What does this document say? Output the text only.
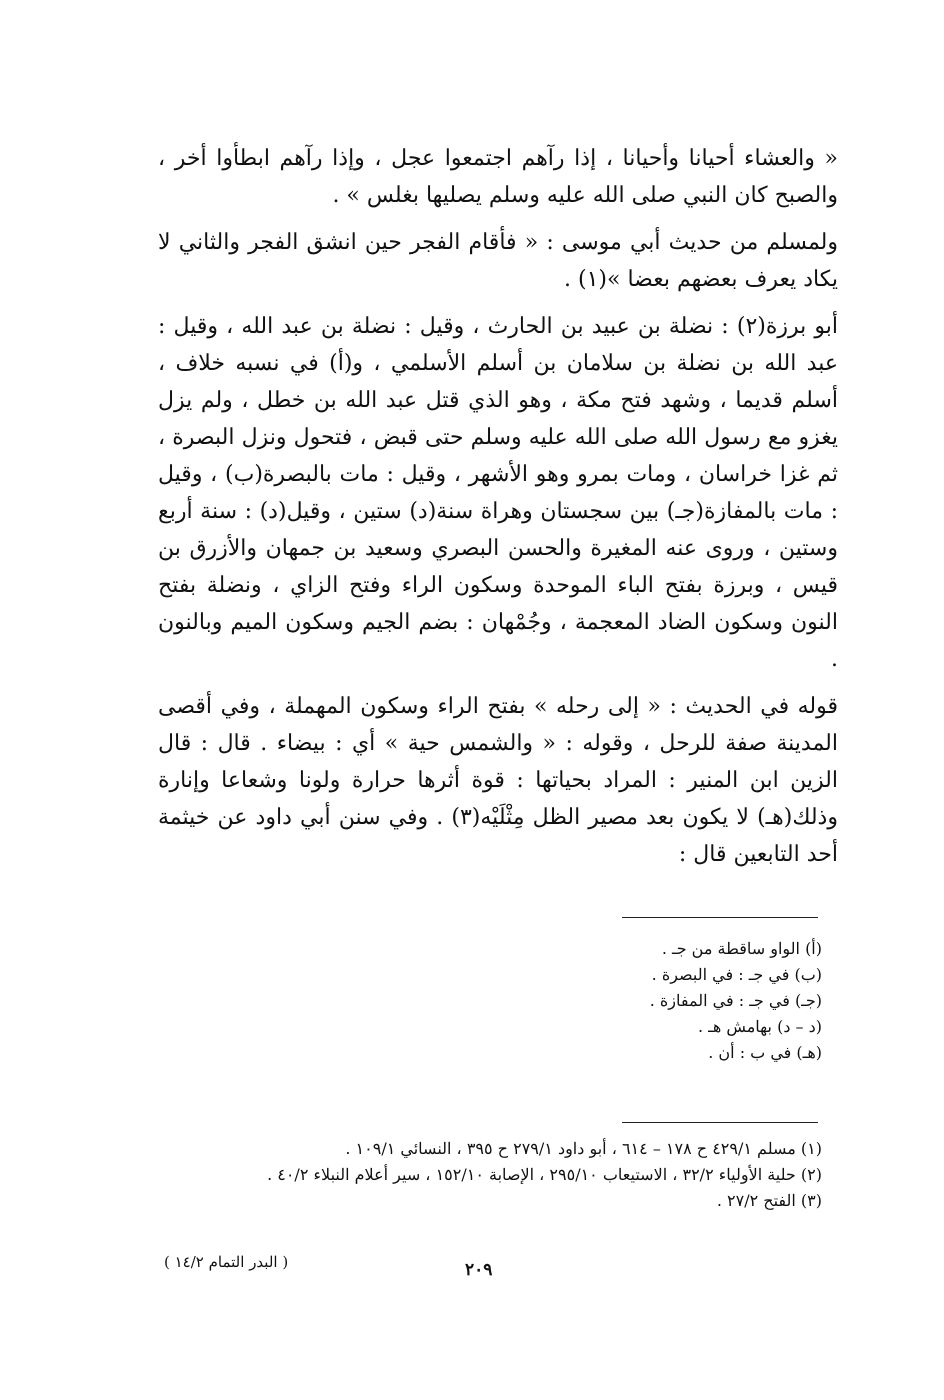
« والعشاء أحيانا وأحيانا ، إذا رآهم اجتمعوا عجل ، وإذا رآهم ابطأوا أخر ، والصبح كان النبي صلى الله عليه وسلم يصليها بغلس » .

ولمسلم من حديث أبي موسى : « فأقام الفجر حين انشق الفجر والثاني لا يكاد يعرف بعضهم بعضا »(١) .

أبو برزة(٢) : نضلة بن عبيد بن الحارث ، وقيل : نضلة بن عبد الله ، وقيل : عبد الله بن نضلة بن سلامان بن أسلم الأسلمي ، و(أ) في نسبه خلاف ، أسلم قديما ، وشهد فتح مكة ، وهو الذي قتل عبد الله بن خطل ، ولم يزل يغزو مع رسول الله صلى الله عليه وسلم حتى قبض ، فتحول ونزل البصرة ، ثم غزا خراسان ، ومات بمرو وهو الأشهر ، وقيل : مات بالبصرة(ب) ، وقيل : مات بالمفازة(جـ) بين سجستان وهراة سنة(د) ستين ، وقيل(د) : سنة أربع وستين ، وروى عنه المغيرة والحسن البصري وسعيد بن جمهان والأزرق بن قيس ، وبرزة بفتح الباء الموحدة وسكون الراء وفتح الزاي ، ونضلة بفتح النون وسكون الضاد المعجمة ، وجُمْهان : بضم الجيم وسكون الميم وبالنون .

قوله في الحديث : « إلى رحله » بفتح الراء وسكون المهملة ، وفي أقصى المدينة صفة للرحل ، وقوله : « والشمس حية » أي : بيضاء . قال : قال الزين ابن المنير : المراد بحياتها : قوة أثرها حرارة ولونا وشعاعا وإنارة وذلك(هـ) لا يكون بعد مصير الظل مِثْلَيْه(٣) . وفي سنن أبي داود عن خيثمة أحد التابعين قال :

(أ) الواو ساقطة من جـ .

(ب) في جـ : في البصرة .

(جـ) في جـ : في المفازة .

(د – د) بهامش هـ .

(هـ) في ب : أن .

(١) مسلم ٤٢٩/١ ح ١٧٨ – ٦١٤ ، أبو داود ٢٧٩/١ ح ٣٩٥ ، النسائي ١٠٩/١ .

(٢) حلية الأولياء ٣٢/٢ ، الاستيعاب ٢٩٥/١٠ ، الإصابة ١٥٢/١٠ ، سير أعلام النبلاء ٤٠/٢ .

(٣) الفتح ٢٧/٢ .

( البدر التمام ١٤/٢ )	٢٠٩
